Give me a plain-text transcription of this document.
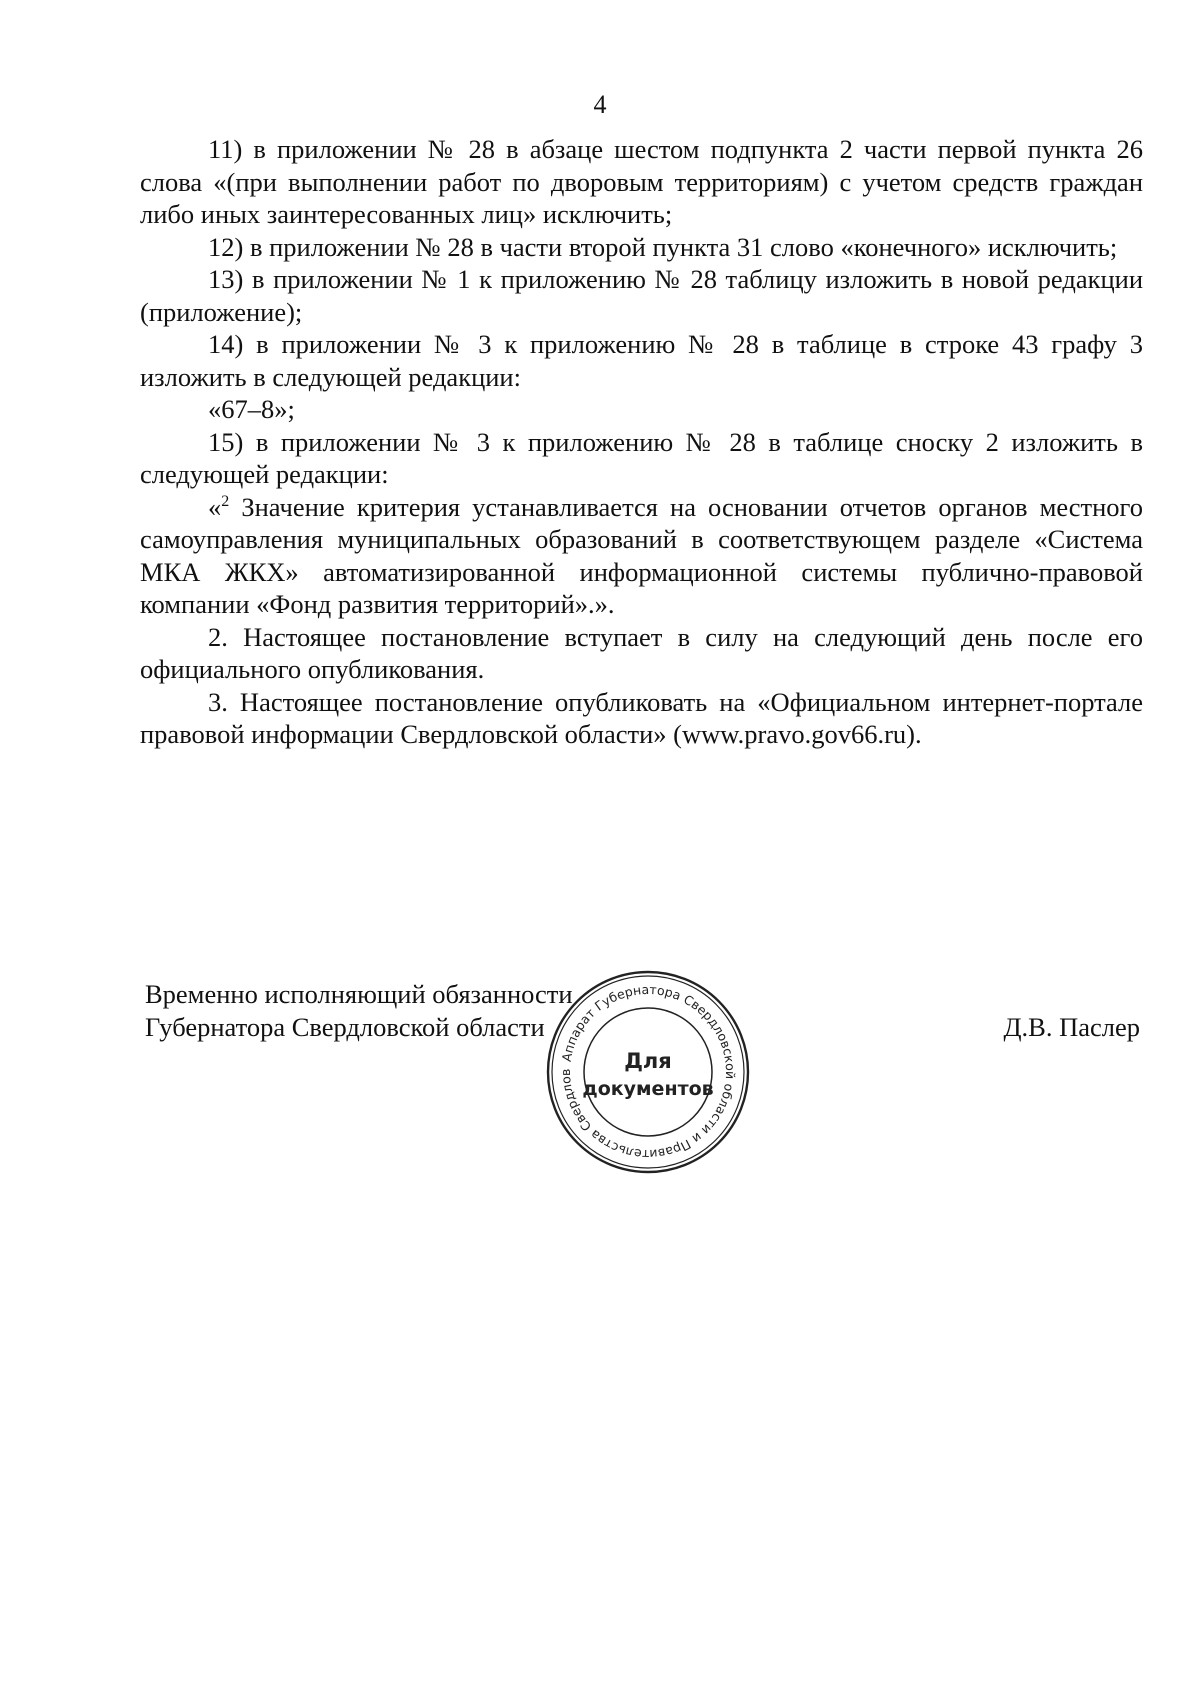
4

11) в приложении № 28 в абзаце шестом подпункта 2 части первой пункта 26 слова «(при выполнении работ по дворовым территориям) с учетом средств граждан либо иных заинтересованных лиц» исключить;

12) в приложении № 28 в части второй пункта 31 слово «конечного» исключить;

13) в приложении № 1 к приложению № 28 таблицу изложить в новой редакции (приложение);

14) в приложении № 3 к приложению № 28 в таблице в строке 43 графу 3 изложить в следующей редакции:

«67–8»;

15) в приложении № 3 к приложению № 28 в таблице сноску 2 изложить в следующей редакции:

«$^2$ Значение критерия устанавливается на основании отчетов органов местного самоуправления муниципальных образований в соответствующем разделе «Система МКА ЖКХ» автоматизированной информационной системы публично-правовой компании «Фонд развития территорий».».

2. Настоящее постановление вступает в силу на следующий день после его официального опубликования.

3. Настоящее постановление опубликовать на «Официальном интернет-портале правовой информации Свердловской области» (www.pravo.gov66.ru).

Временно исполняющий обязанности
Губернатора Свердловской области	Д.В. Паслер
Аппарат Губернатора Свердловской области и Правительства Свердлов	Для
документов
